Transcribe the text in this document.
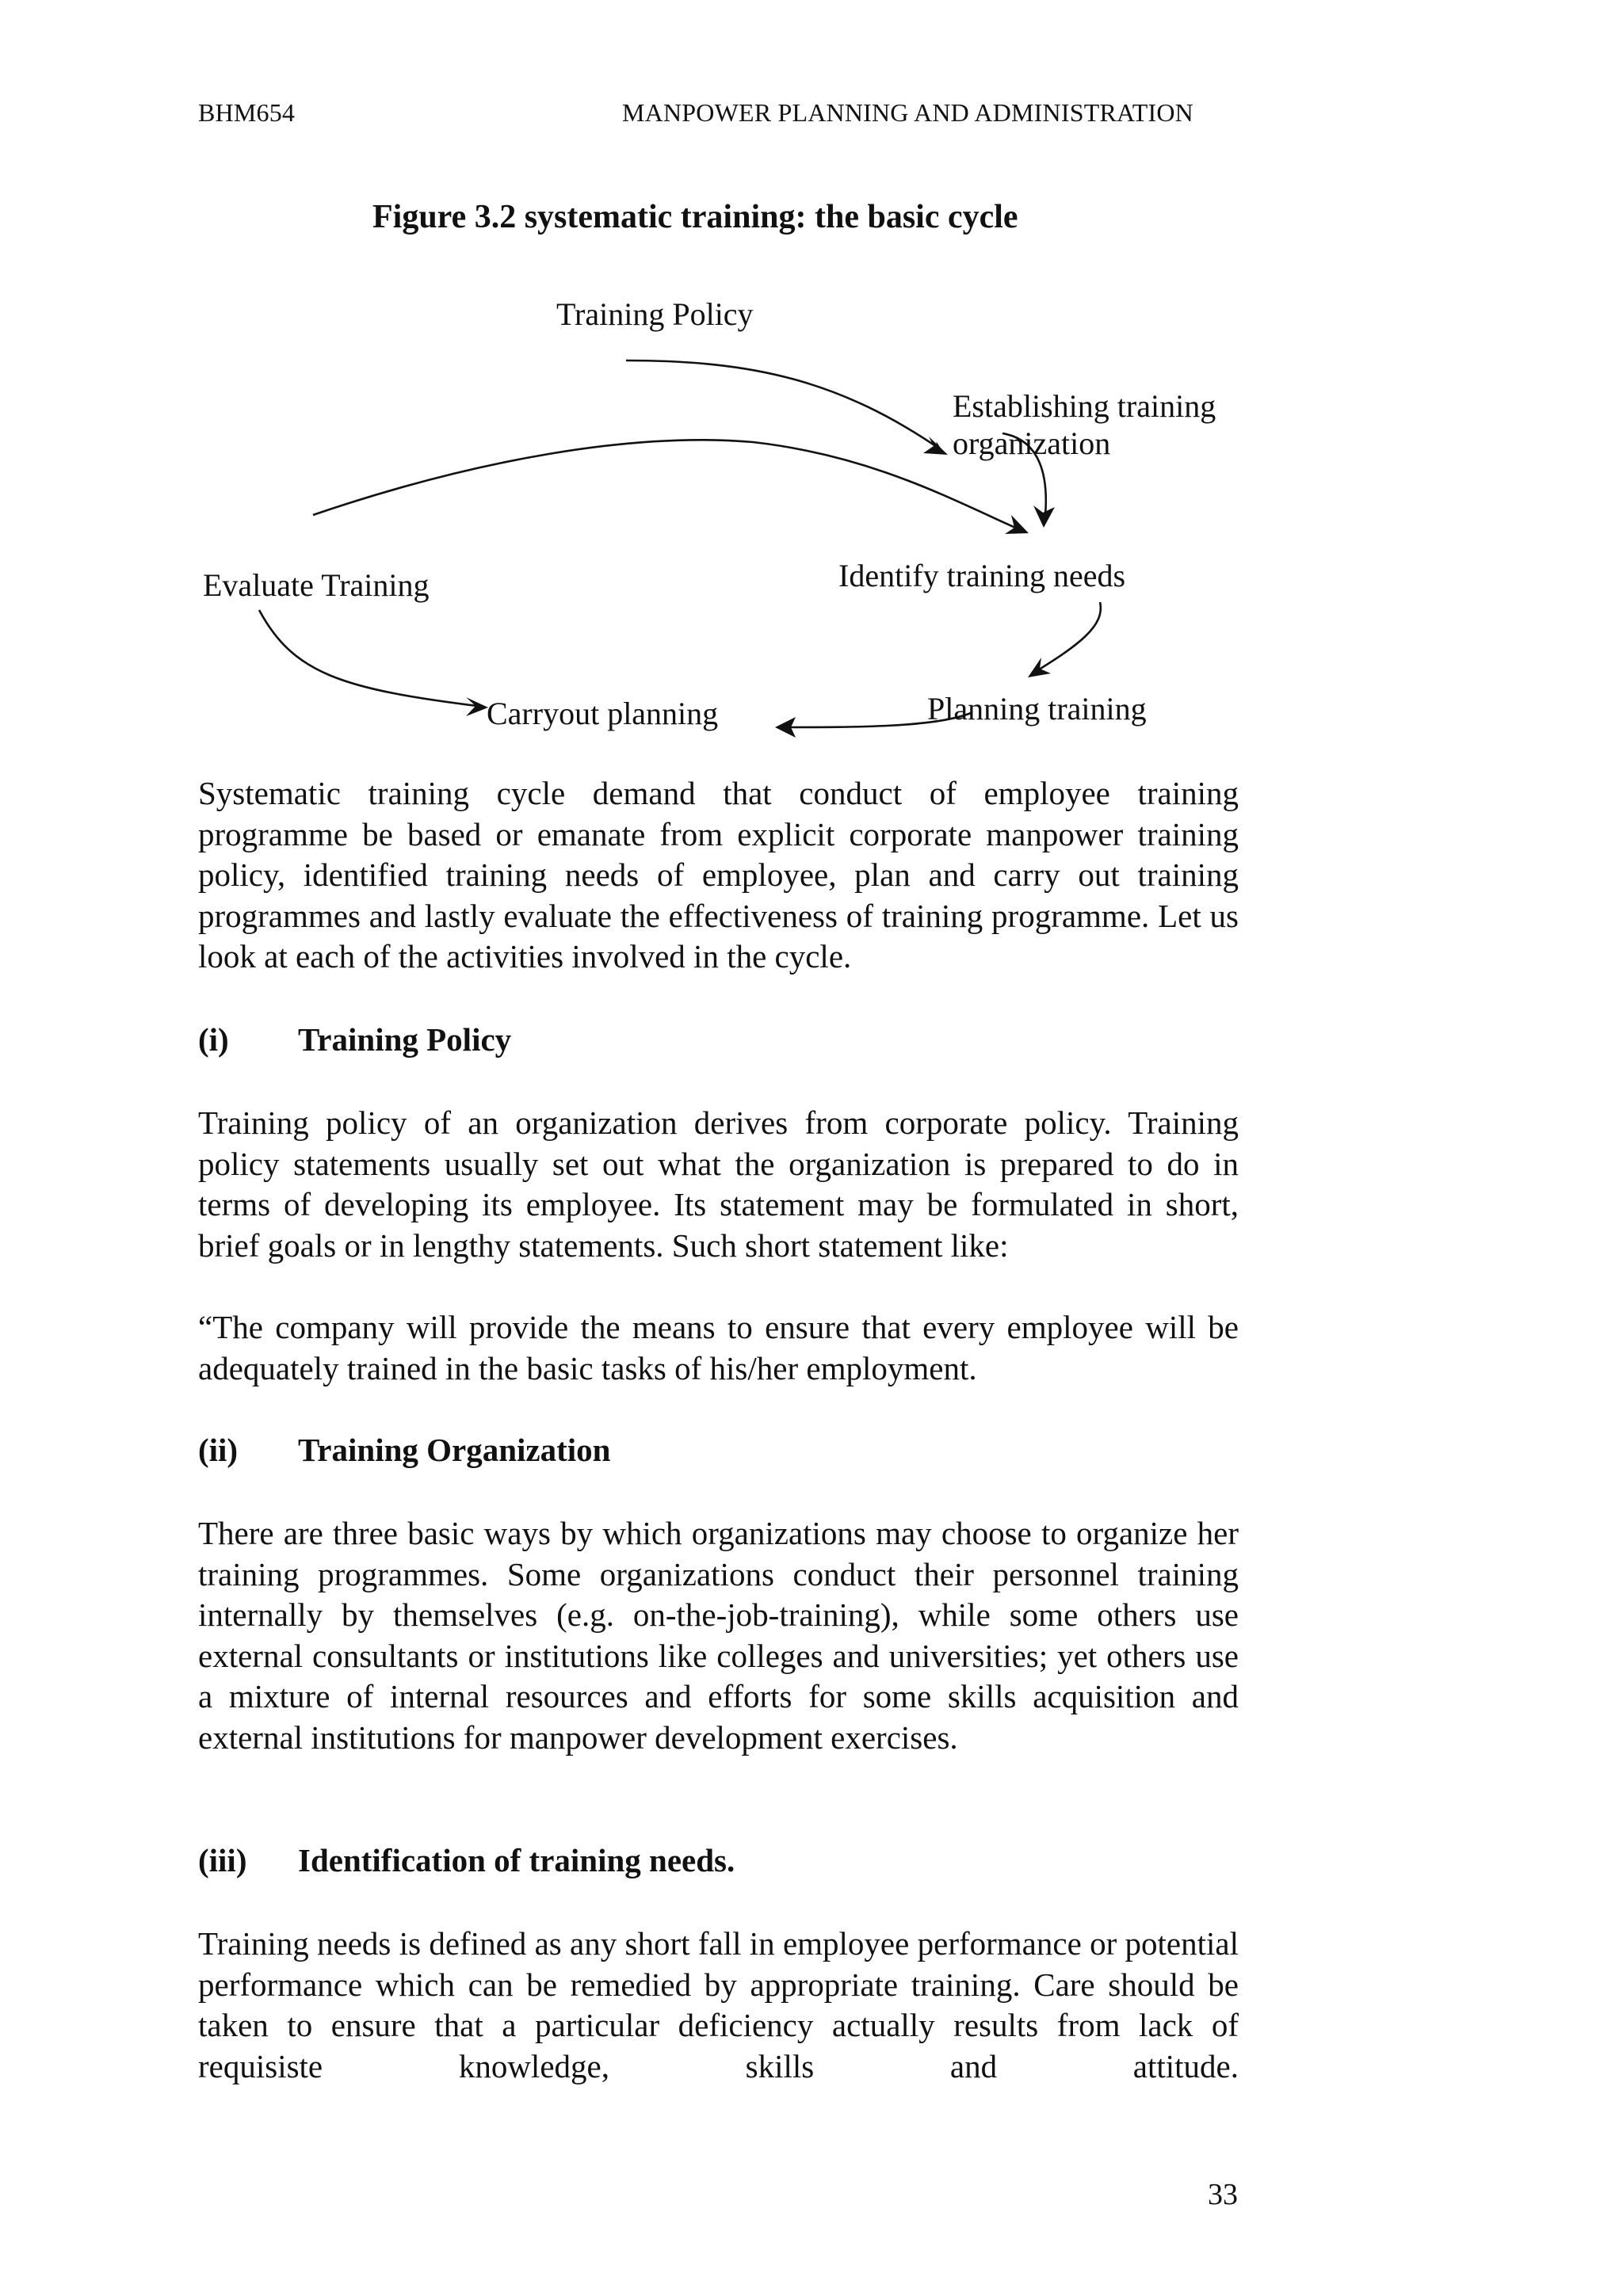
BHM654	MANPOWER PLANNING AND ADMINISTRATION
Figure 3.2 systematic training: the basic cycle
Training Policy
Establishing training
organization
Identify training needs
Evaluate Training
Planning training
Carryout planning

Systematic training cycle demand that conduct of employee training programme be based or emanate from explicit corporate manpower training policy, identified training needs of employee, plan and carry out training programmes and lastly evaluate the effectiveness of training programme. Let us look at each of the activities involved in the cycle.

(i) Training Policy

Training policy of an organization derives from corporate policy. Training policy statements usually set out what the organization is prepared to do in terms of developing its employee. Its statement may be formulated in short, brief goals or in lengthy statements. Such short statement like:

“The company will provide the means to ensure that every employee will be adequately trained in the basic tasks of his/her employment.

(ii) Training Organization

There are three basic ways by which organizations may choose to organize her training programmes. Some organizations conduct their personnel training internally by themselves (e.g. on-the-job-training), while some others use external consultants or institutions like colleges and universities; yet others use a mixture of internal resources and efforts for some skills acquisition and external institutions for manpower development exercises.

(iii) Identification of training needs.

Training needs is defined as any short fall in employee performance or potential performance which can be remedied by appropriate training. Care should be taken to ensure that a particular deficiency actually results from lack of requisiste knowledge, skills and attitude.

33
